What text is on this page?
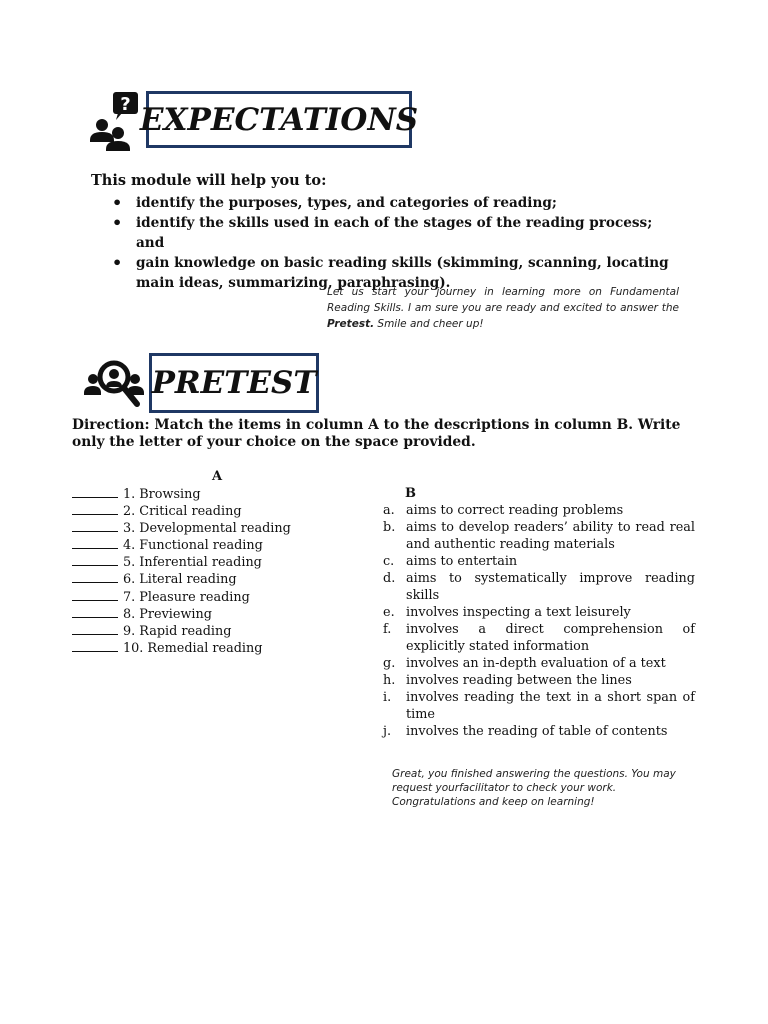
? EXPECTATIONS
This module will help you to:
• identify the purposes, types, and categories of reading;
• identify the skills used in each of the stages of the reading process; and
• gain knowledge on basic reading skills (skimming, scanning, locating main ideas, summarizing, paraphrasing).
Let us start your journey in learning more on Fundamental Reading Skills. I am sure you are ready and excited to answer the Pretest. Smile and cheer up!
PRETEST
Direction: Match the items in column A to the descriptions in column B. Write only the letter of your choice on the space provided.
A
B
1. Browsing
2. Critical reading
3. Developmental reading
4. Functional reading
5. Inferential reading
6. Literal reading
7. Pleasure reading
8. Previewing
9. Rapid reading
10. Remedial reading
a. aims to correct reading problems
b. aims to develop readers’ ability to read real and authentic reading materials
c. aims to entertain
d. aims to systematically improve reading skills
e. involves inspecting a text leisurely
f. involves a direct comprehension of explicitly stated information
g. involves an in-depth evaluation of a text
h. involves reading between the lines
i. involves reading the text in a short span of time
j. involves the reading of table of contents
Great, you finished answering the questions. You may request yourfacilitator to check your work. Congratulations and keep on learning!
